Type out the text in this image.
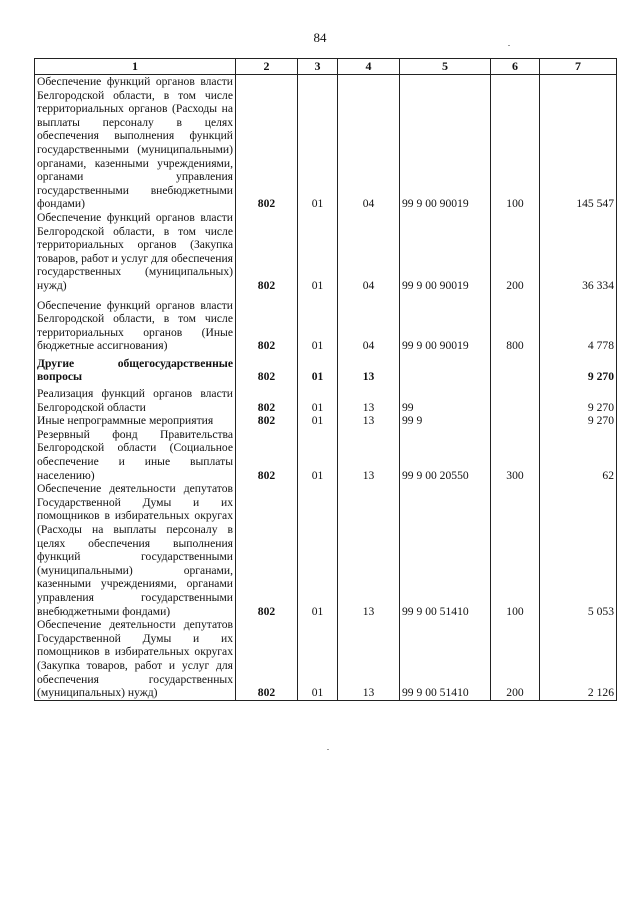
84
1	2	3	4	5	6	7
Обеспечение функций органов власти Белгородской области, в том числе территориальных органов (Расходы на выплаты персоналу в целях обеспечения выполнения функций государственными (муниципальными) органами, казенными учреждениями, органами управления государственными внебюджетными фондами)	802	01	04	99 9 00 90019	100	145 547
Обеспечение функций органов власти Белгородской области, в том числе территориальных органов (Закупка товаров, работ и услуг для обеспечения государственных (муниципальных) нужд)	802	01	04	99 9 00 90019	200	36 334
Обеспечение функций органов власти Белгородской области, в том числе территориальных органов (Иные бюджетные ассигнования)	802	01	04	99 9 00 90019	800	4 778
Другие общегосударственные вопросы	802	01	13			9 270
Реализация функций органов власти Белгородской области	802	01	13	99		9 270
Иные непрограммные мероприятия	802	01	13	99 9		9 270
Резервный фонд Правительства Белгородской области (Социальное обеспечение и иные выплаты населению)	802	01	13	99 9 00 20550	300	62
Обеспечение деятельности депутатов Государственной Думы и их помощников в избирательных округах (Расходы на выплаты персоналу в целях обеспечения выполнения функций государственными (муниципальными) органами, казенными учреждениями, органами управления государственными внебюджетными фондами)	802	01	13	99 9 00 51410	100	5 053
Обеспечение деятельности депутатов Государственной Думы и их помощников в избирательных округах (Закупка товаров, работ и услуг для обеспечения государственных (муниципальных) нужд)	802	01	13	99 9 00 51410	200	2 126
